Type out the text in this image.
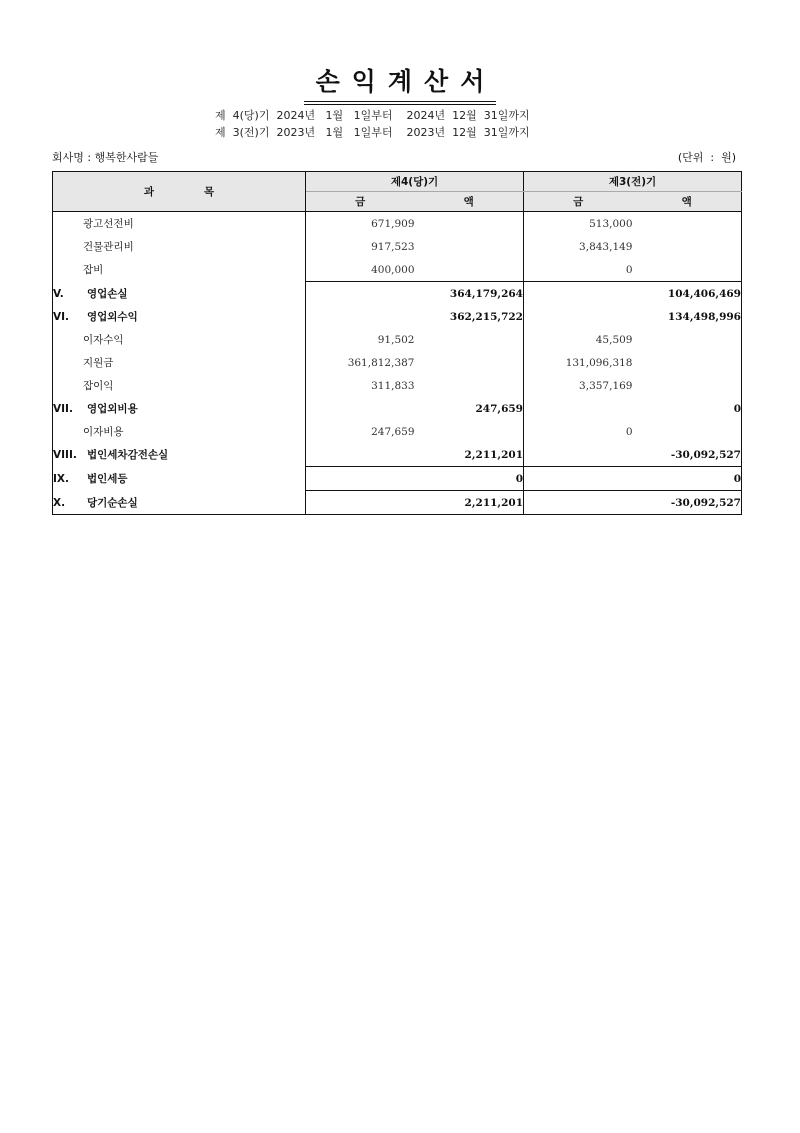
손익계산서
제  4(당)기  2024년   1월   1일부터    2024년  12월  31일까지
제  3(전)기  2023년   1월   1일부터    2023년  12월  31일까지
회사명 : 행복한사람들	(단위  :  원)
과목	제4(당)기		제3(전)기	
	금	액	금	액
광고선전비	671,909		513,000	
건물관리비	917,523		3,843,149	
잡비	400,000		0	
V. 영업손실		364,179,264		104,406,469
VI. 영업외수익		362,215,722		134,498,996
이자수익	91,502		45,509	
지원금	361,812,387		131,096,318	
잡이익	311,833		3,357,169	
VII. 영업외비용		247,659		0
이자비용	247,659		0	
VIII. 법인세차감전손실		2,211,201		-30,092,527
IX. 법인세등		0		0
X. 당기순손실		2,211,201		-30,092,527
